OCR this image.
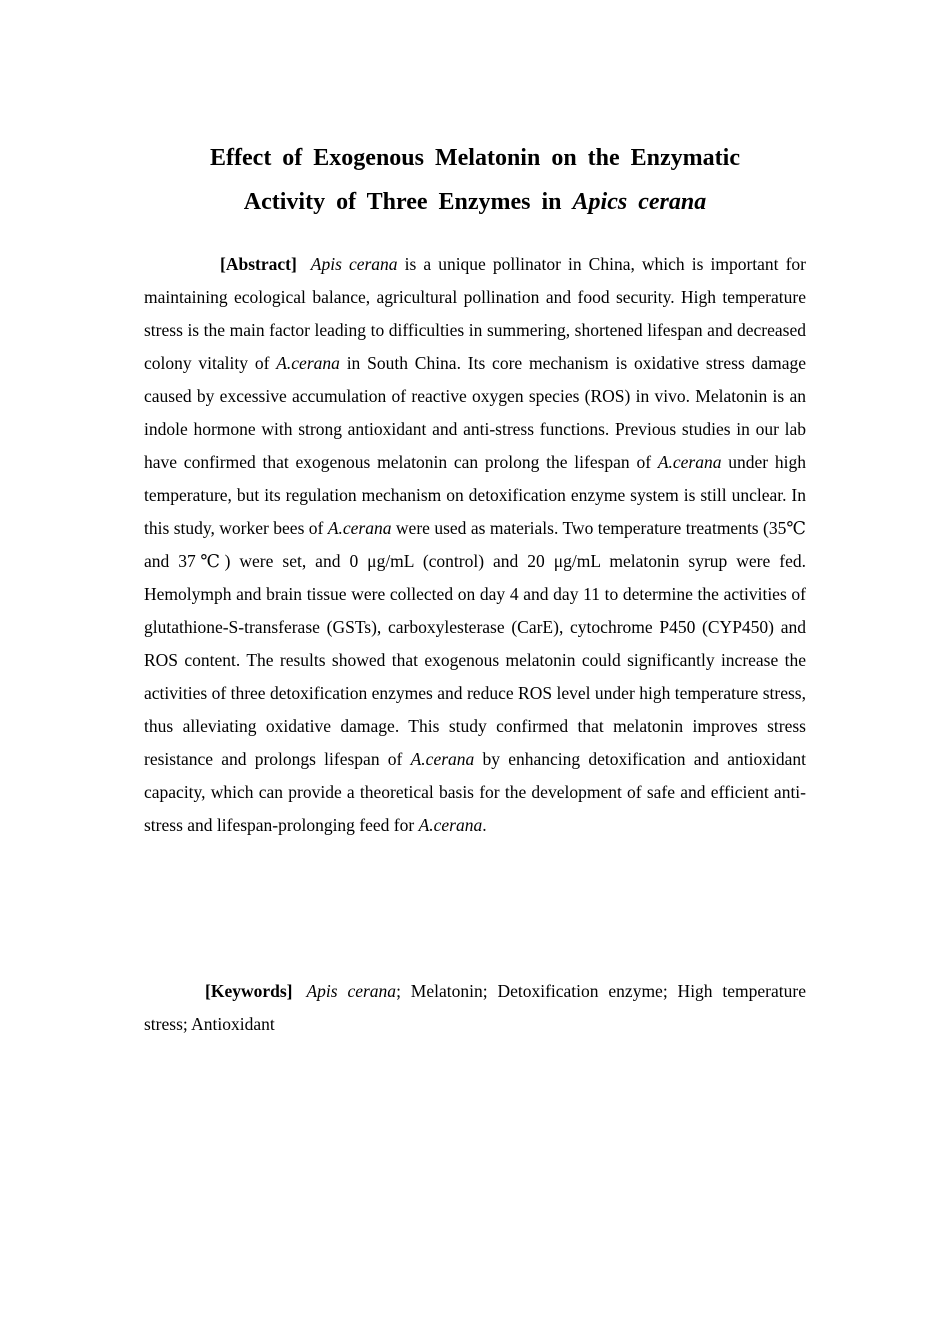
Effect of Exogenous Melatonin on the Enzymatic
Activity of Three Enzymes in Apics cerana

[Abstract] Apis cerana is a unique pollinator in China, which is important for maintaining ecological balance, agricultural pollination and food security. High temperature stress is the main factor leading to difficulties in summering, shortened lifespan and decreased colony vitality of A.cerana in South China. Its core mechanism is oxidative stress damage caused by excessive accumulation of reactive oxygen species (ROS) in vivo. Melatonin is an indole hormone with strong antioxidant and anti-stress functions. Previous studies in our lab have confirmed that exogenous melatonin can prolong the lifespan of A.cerana under high temperature, but its regulation mechanism on detoxification enzyme system is still unclear. In this study, worker bees of A.cerana were used as materials. Two temperature treatments (35℃ and 37℃) were set, and 0 μg/mL (control) and 20 μg/mL melatonin syrup were fed. Hemolymph and brain tissue were collected on day 4 and day 11 to determine the activities of glutathione-S-transferase (GSTs), carboxylesterase (CarE), cytochrome P450 (CYP450) and ROS content. The results showed that exogenous melatonin could significantly increase the activities of three detoxification enzymes and reduce ROS level under high temperature stress, thus alleviating oxidative damage. This study confirmed that melatonin improves stress resistance and prolongs lifespan of A.cerana by enhancing detoxification and antioxidant capacity, which can provide a theoretical basis for the development of safe and efficient anti-stress and lifespan-prolonging feed for A.cerana.

[Keywords] Apis cerana; Melatonin; Detoxification enzyme; High temperature stress; Antioxidant
